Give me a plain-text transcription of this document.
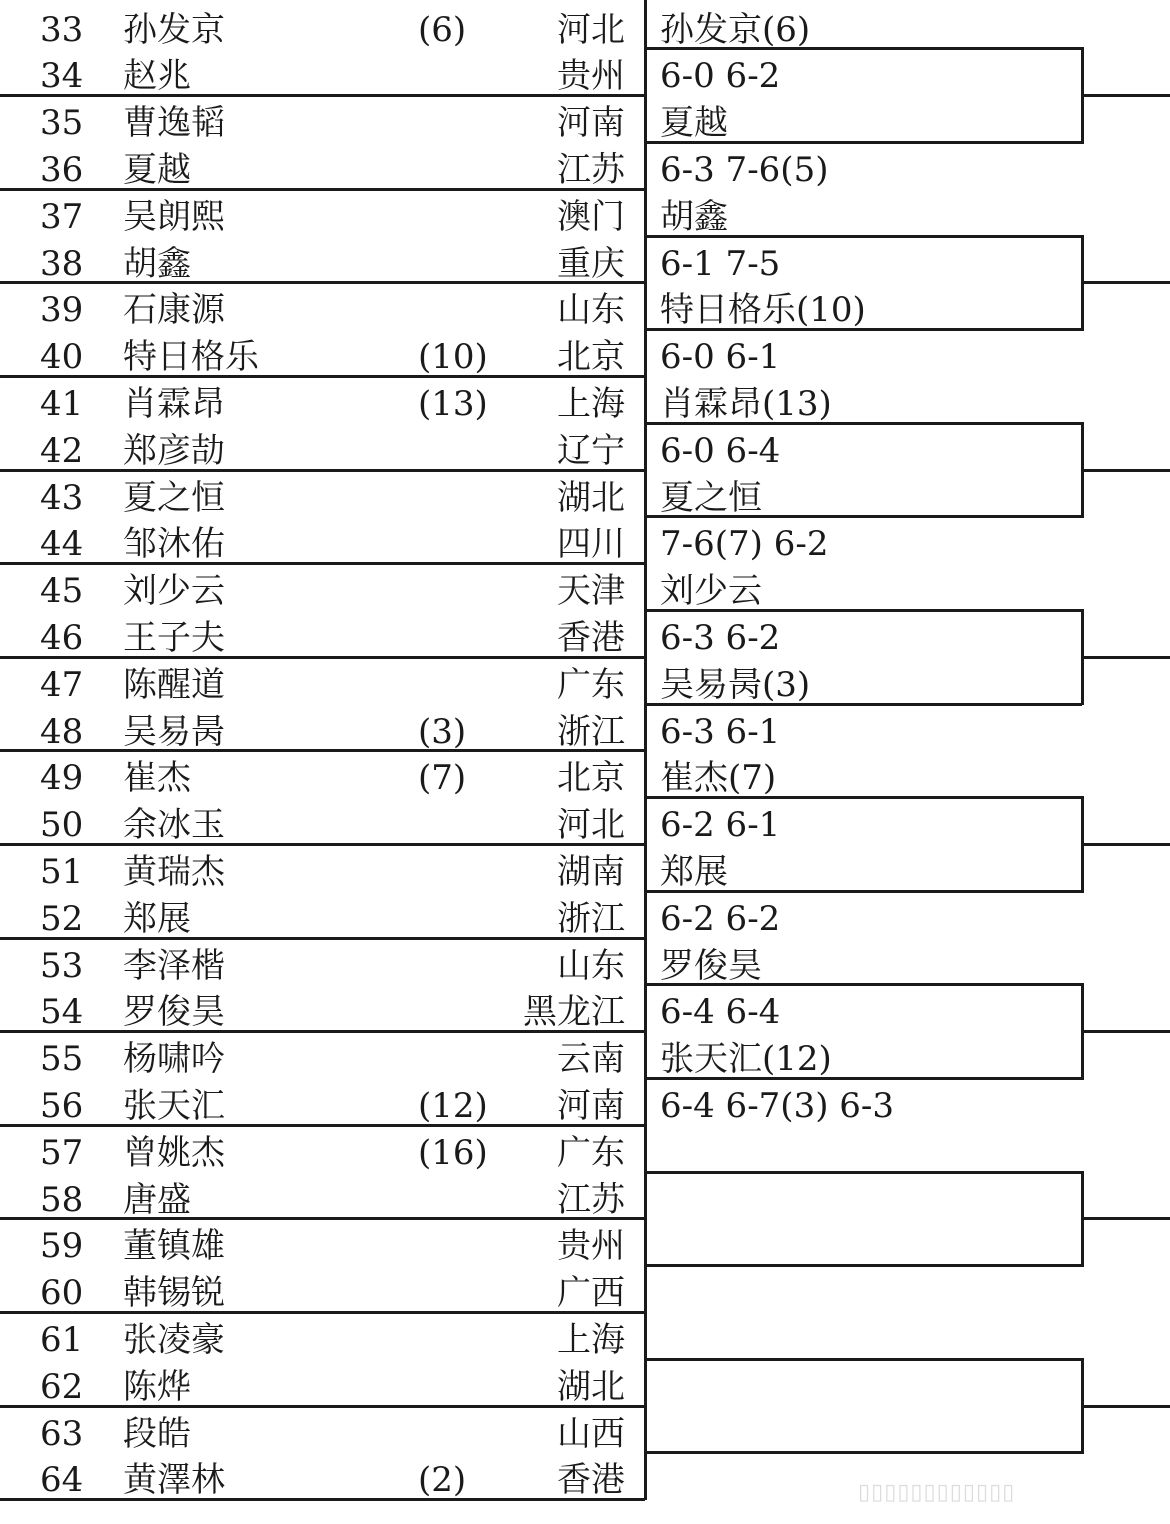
33 孙发京	(6)	河北
34 赵兆	贵州
35 曹逸韬	河南
36 夏越	江苏
37 吴朗熙	澳门
38 胡鑫	重庆
39 石康源	山东
40 特日格乐	(10) 北京
41 肖霖昂	(13) 上海
42 郑彦劼	辽宁
43 夏之恒	湖北
44 邹沐佑	四川
45 刘少云	天津
46 王子夫	香港
47 陈醒道	广东
48 吴易昺	(3)	浙江
49 崔杰	(7)	北京
50 余冰玉	河北
51 黄瑞杰	湖南
52 郑展	浙江
53 李泽楷	山东
54 罗俊昊	黑龙江
55 杨啸吟	云南
56 张天汇	(12) 河南
57 曾姚杰	(16) 广东
58 唐盛	江苏
59 董镇雄	贵州
60 韩锡锐	广西
61 张凌豪	上海
62 陈烨	湖北
63 段皓	山西
64 黄澤林	(2)	香港
孙发京(6)
6-0 6-2
夏越
6-3 7-6(5)
胡鑫
6-1 7-5
特日格乐(10)
6-0 6-1
肖霖昂(13)
6-0 6-4
夏之恒
7-6(7) 6-2
刘少云
6-3 6-2
吴易昺(3)
6-3 6-1
崔杰(7)
6-2 6-1
郑展
6-2 6-2
罗俊昊
6-4 6-4
张天汇(12)
6-4 6-7(3) 6-3
▯▯▯▯▯▯▯▯▯▯▯▯
